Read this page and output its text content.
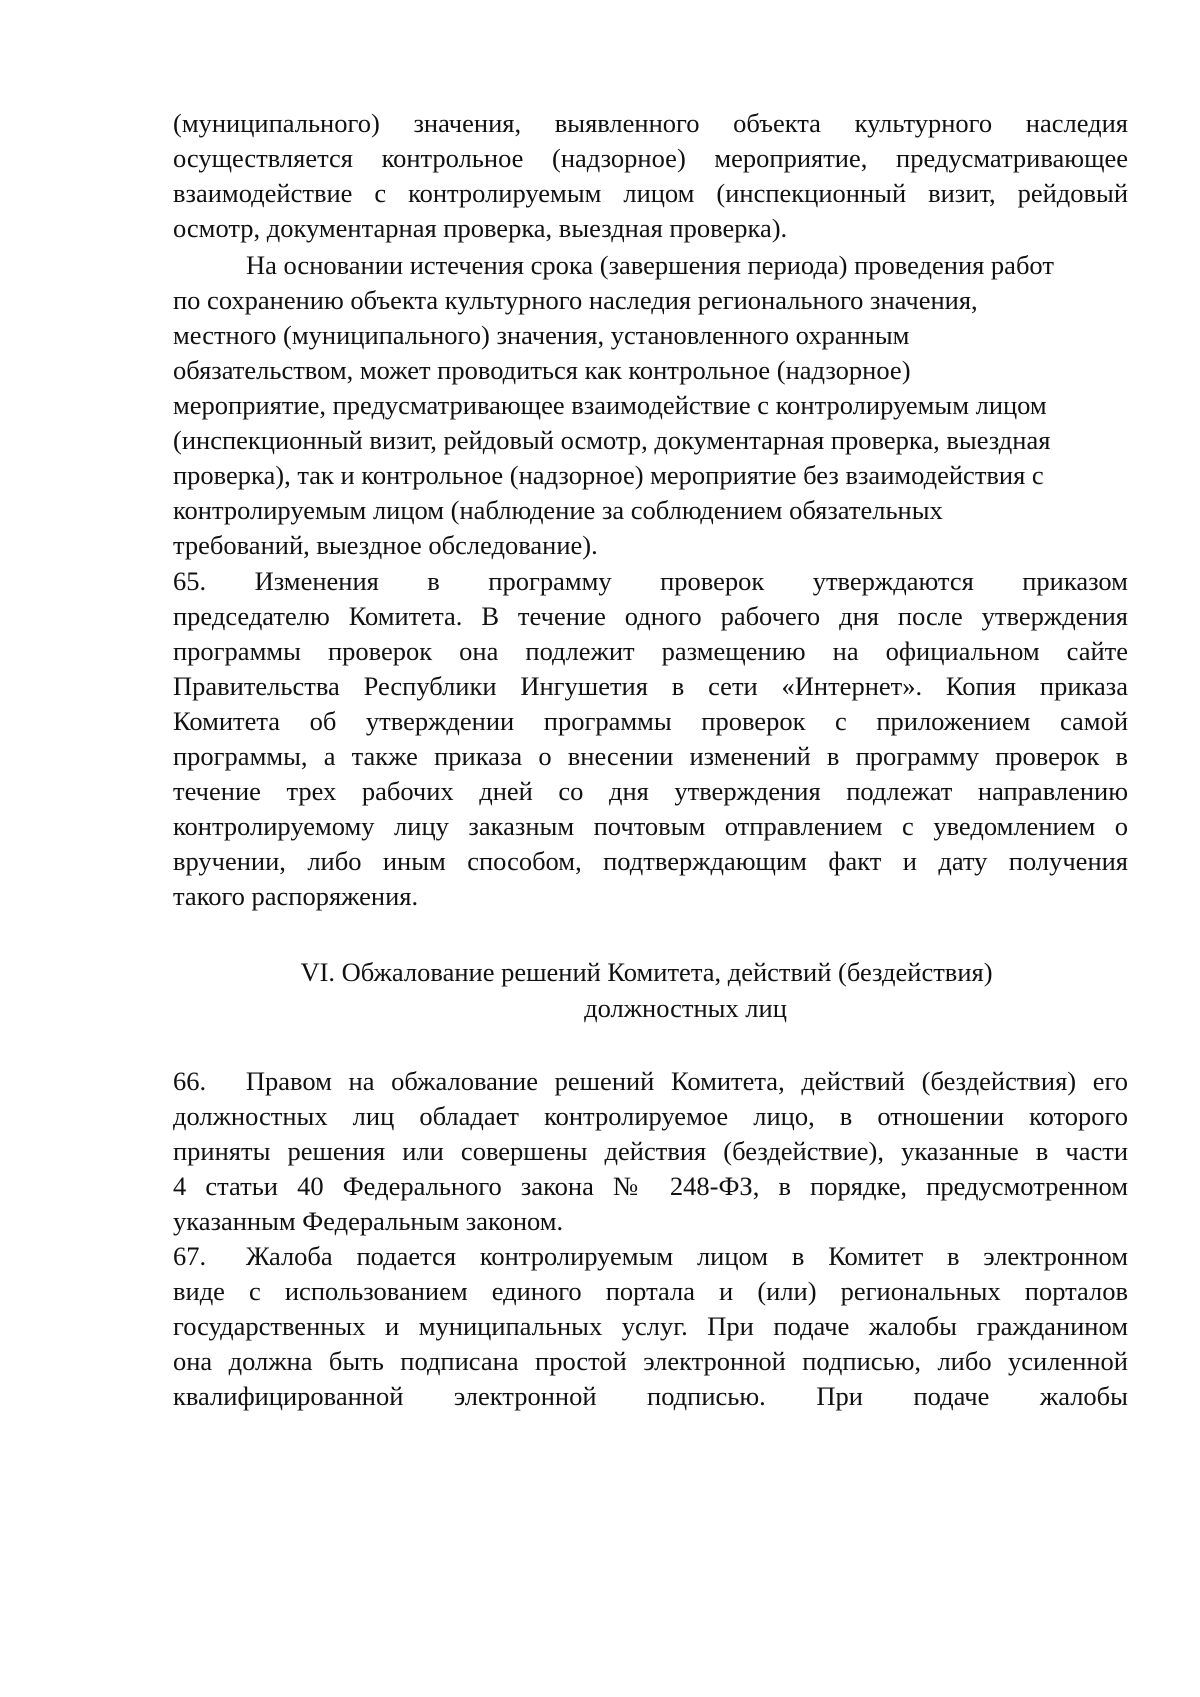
(муниципального) значения, выявленного объекта культурного наследия
осуществляется контрольное (надзорное) мероприятие, предусматривающее
взаимодействие с контролируемым лицом (инспекционный визит, рейдовый
осмотр, документарная проверка, выездная проверка).
На основании истечения срока (завершения периода) проведения работ
по сохранению объекта культурного наследия регионального значения,
местного (муниципального) значения, установленного охранным
обязательством, может проводиться как контрольное (надзорное)
мероприятие, предусматривающее взаимодействие с контролируемым лицом
(инспекционный визит, рейдовый осмотр, документарная проверка, выездная
проверка), так и контрольное (надзорное) мероприятие без взаимодействия с
контролируемым лицом (наблюдение за соблюдением обязательных
требований, выездное обследование).
65. Изменения в программу проверок утверждаются приказом
председателю Комитета. В течение одного рабочего дня после утверждения
программы проверок она подлежит размещению на официальном сайте
Правительства Республики Ингушетия в сети «Интернет». Копия приказа
Комитета об утверждении программы проверок с приложением самой
программы, а также приказа о внесении изменений в программу проверок в
течение трех рабочих дней со дня утверждения подлежат направлению
контролируемому лицу заказным почтовым отправлением с уведомлением о
вручении, либо иным способом, подтверждающим факт и дату получения
такого распоряжения.
VI. Обжалование решений Комитета, действий (бездействия)
должностных лиц
66.  Правом на обжалование решений Комитета, действий (бездействия) его
должностных лиц обладает контролируемое лицо, в отношении которого
приняты решения или совершены действия (бездействие), указанные в части
4 статьи 40 Федерального закона № 248-ФЗ, в порядке, предусмотренном
указанным Федеральным законом.
67.  Жалоба подается контролируемым лицом в Комитет в электронном
виде с использованием единого портала и (или) региональных порталов
государственных и муниципальных услуг. При подаче жалобы гражданином
она должна быть подписана простой электронной подписью, либо усиленной
квалифицированной электронной подписью. При подаче жалобы
